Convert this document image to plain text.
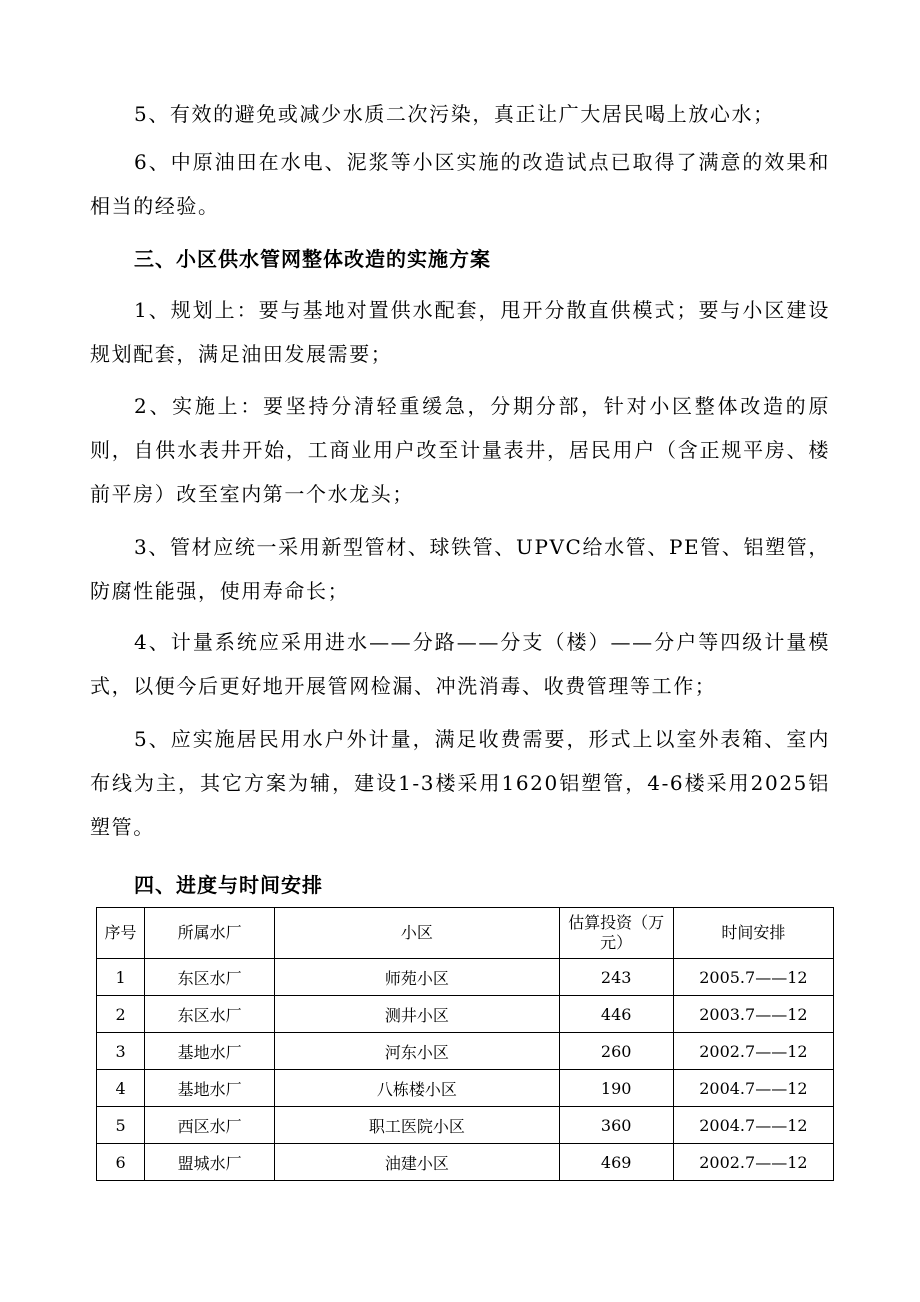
5、有效的避免或减少水质二次污染，真正让广大居民喝上放心水；

6、中原油田在水电、泥浆等小区实施的改造试点已取得了满意的效果和相当的经验。

三、小区供水管网整体改造的实施方案

1、规划上：要与基地对置供水配套，甩开分散直供模式；要与小区建设规划配套，满足油田发展需要；

2、实施上：要坚持分清轻重缓急，分期分部，针对小区整体改造的原则，自供水表井开始，工商业用户改至计量表井，居民用户（含正规平房、楼前平房）改至室内第一个水龙头；

3、管材应统一采用新型管材、球铁管、UPVC给水管、PE管、铝塑管，防腐性能强，使用寿命长；

4、计量系统应采用进水——分路——分支（楼）——分户等四级计量模式，以便今后更好地开展管网检漏、冲洗消毒、收费管理等工作；

5、应实施居民用水户外计量，满足收费需要，形式上以室外表箱、室内布线为主，其它方案为辅，建设1-3楼采用1620铝塑管，4-6楼采用2025铝塑管。

四、进度与时间安排
序号	所属水厂	小区	估算投资（万元）	时间安排
1	东区水厂	师苑小区	243	2005.7——12
2	东区水厂	测井小区	446	2003.7——12
3	基地水厂	河东小区	260	2002.7——12
4	基地水厂	八栋楼小区	190	2004.7——12
5	西区水厂	职工医院小区	360	2004.7——12
6	盟城水厂	油建小区	469	2002.7——12
